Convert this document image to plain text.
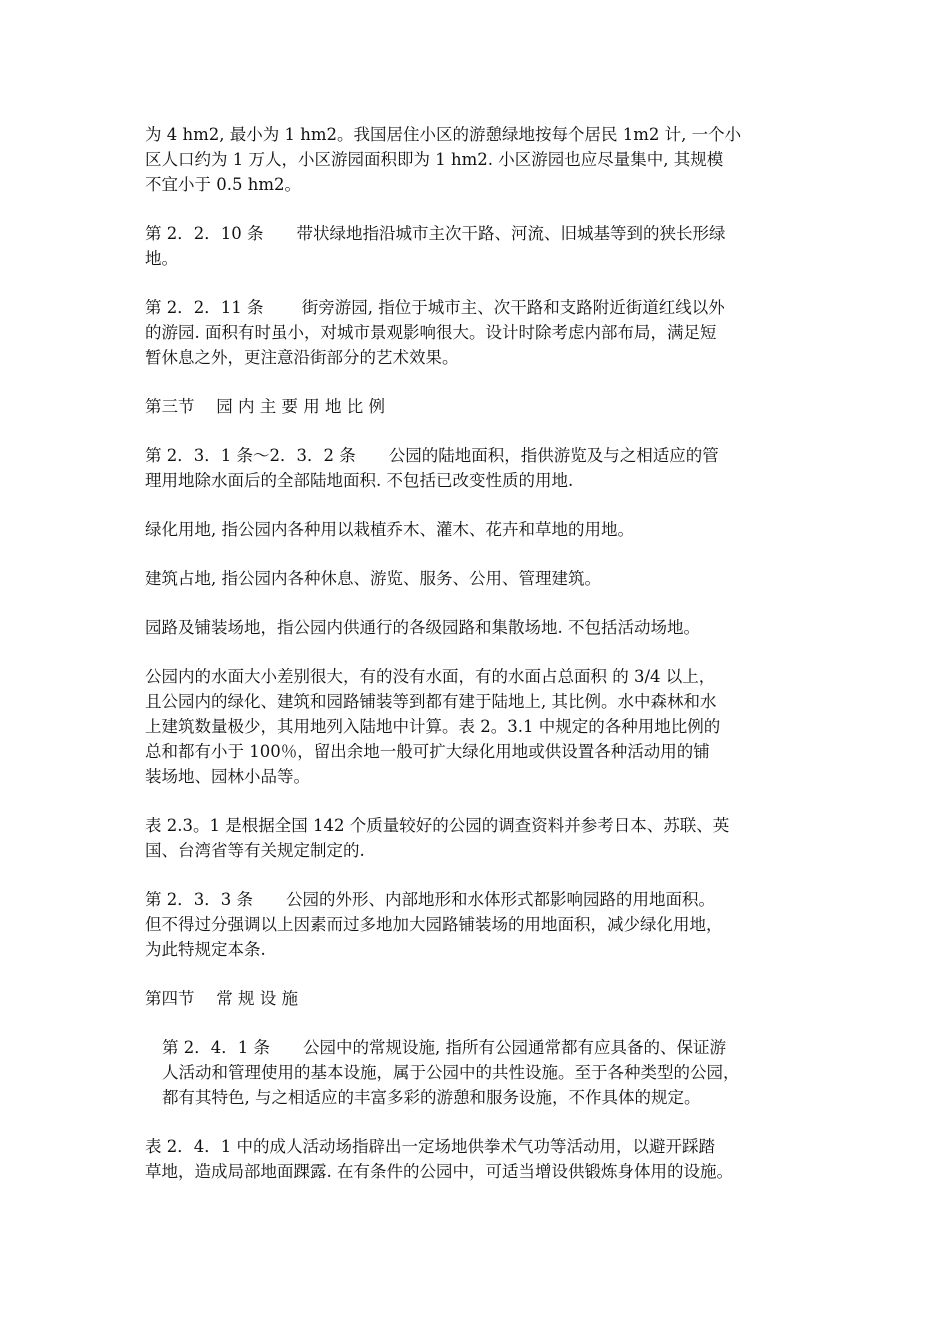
为 4 hm2, 最小为 1 hm2。我国居住小区的游憩绿地按每个居民 1m2 计, 一个小
区人口约为 1 万人，小区游园面积即为 1 hm2. 小区游园也应尽量集中, 其规模
不宜小于 0.5 hm2。

第 2．2．10 条　　带状绿地指沿城市主次干路、河流、旧城基等到的狭长形绿
地。

第 2．2．11 条　　 街旁游园, 指位于城市主、次干路和支路附近街道红线以外
的游园. 面积有时虽小，对城市景观影响很大。设计时除考虑内部布局，满足短
暂休息之外，更注意沿街部分的艺术效果。

第三节　 园 内 主 要 用 地 比 例

第 2．3．1 条～2．3．2 条　　公园的陆地面积，指供游览及与之相适应的管
理用地除水面后的全部陆地面积. 不包括已改变性质的用地.

绿化用地, 指公园内各种用以栽植乔木、灌木、花卉和草地的用地。

建筑占地, 指公园内各种休息、游览、服务、公用、管理建筑。

园路及铺装场地，指公园内供通行的各级园路和集散场地. 不包括活动场地。

公园内的水面大小差别很大，有的没有水面，有的水面占总面积 的 3/4 以上，
且公园内的绿化、建筑和园路铺装等到都有建于陆地上, 其比例。水中森林和水
上建筑数量极少，其用地列入陆地中计算。表 2。3.1 中规定的各种用地比例的
总和都有小于 100％，留出余地一般可扩大绿化用地或供设置各种活动用的铺
装场地、园林小品等。

表 2.3。1 是根据全国 142 个质量较好的公园的调查资料并参考日本、苏联、英
国、台湾省等有关规定制定的.

第 2．3．3 条　　公园的外形、内部地形和水体形式都影响园路的用地面积。
但不得过分强调以上因素而过多地加大园路铺装场的用地面积，减少绿化用地，
为此特规定本条.

第四节　 常 规 设 施

第 2．4．1 条　　公园中的常规设施, 指所有公园通常都有应具备的、保证游
人活动和管理使用的基本设施，属于公园中的共性设施。至于各种类型的公园，
都有其特色, 与之相适应的丰富多彩的游憩和服务设施，不作具体的规定。

表 2．4．1 中的成人活动场指辟出一定场地供拳术气功等活动用，以避开踩踏
草地，造成局部地面踝露. 在有条件的公园中，可适当增设供锻炼身体用的设施。
